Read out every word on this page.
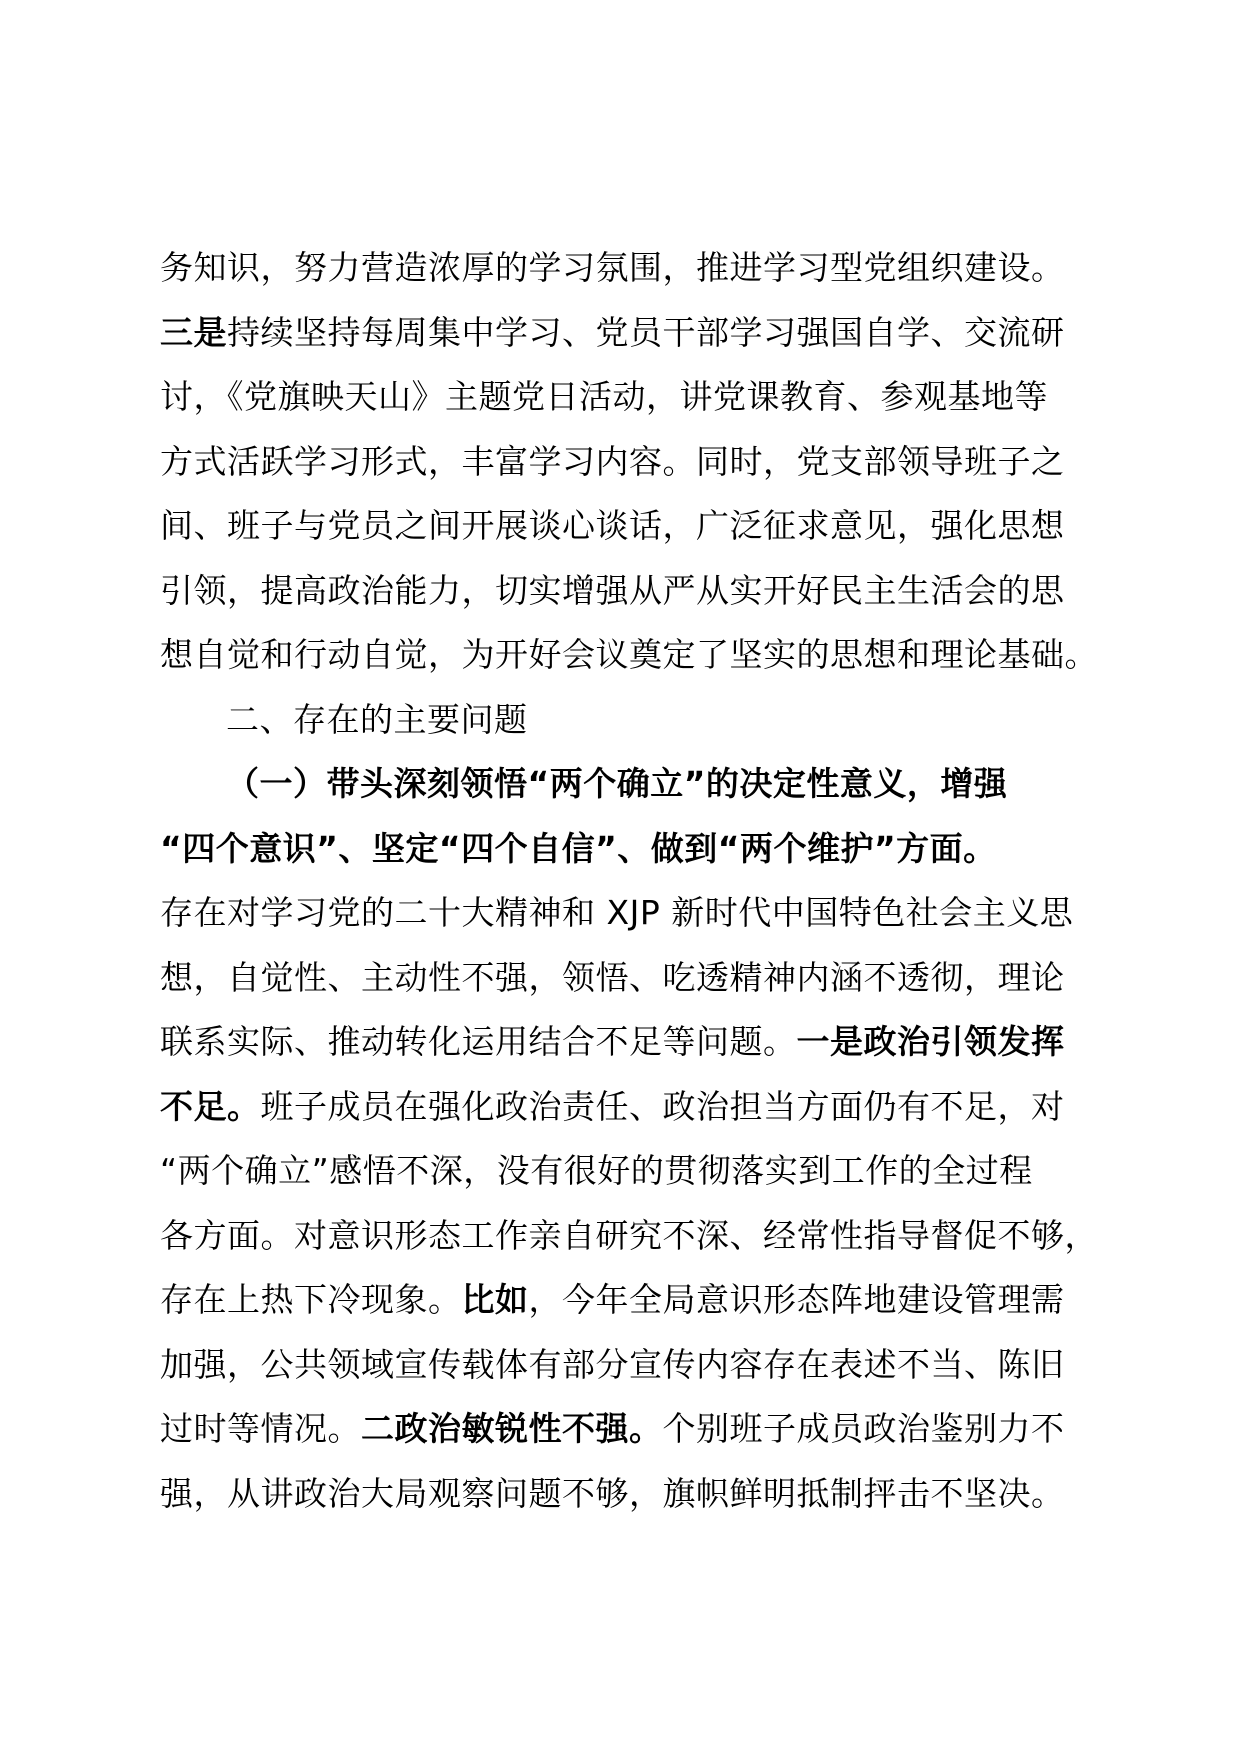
务知识，努力营造浓厚的学习氛围，推进学习型党组织建设。
三是持续坚持每周集中学习、党员干部学习强国自学、交流研
讨，《党旗映天山》主题党日活动，讲党课教育、参观基地等
方式活跃学习形式，丰富学习内容。同时，党支部领导班子之
间、班子与党员之间开展谈心谈话，广泛征求意见，强化思想
引领，提高政治能力，切实增强从严从实开好民主生活会的思
想自觉和行动自觉，为开好会议奠定了坚实的思想和理论基础。
二、存在的主要问题
（一）带头深刻领悟“两个确立”的决定性意义，增强
“四个意识”、坚定“四个自信”、做到“两个维护”方面。
存在对学习党的二十大精神和 XJP 新时代中国特色社会主义思
想，自觉性、主动性不强，领悟、吃透精神内涵不透彻，理论
联系实际、推动转化运用结合不足等问题。一是政治引领发挥
不足。班子成员在强化政治责任、政治担当方面仍有不足，对
“两个确立”感悟不深，没有很好的贯彻落实到工作的全过程
各方面。对意识形态工作亲自研究不深、经常性指导督促不够，
存在上热下冷现象。比如，今年全局意识形态阵地建设管理需
加强，公共领域宣传载体有部分宣传内容存在表述不当、陈旧
过时等情况。二政治敏锐性不强。个别班子成员政治鉴别力不
强，从讲政治大局观察问题不够，旗帜鲜明抵制抨击不坚决。
